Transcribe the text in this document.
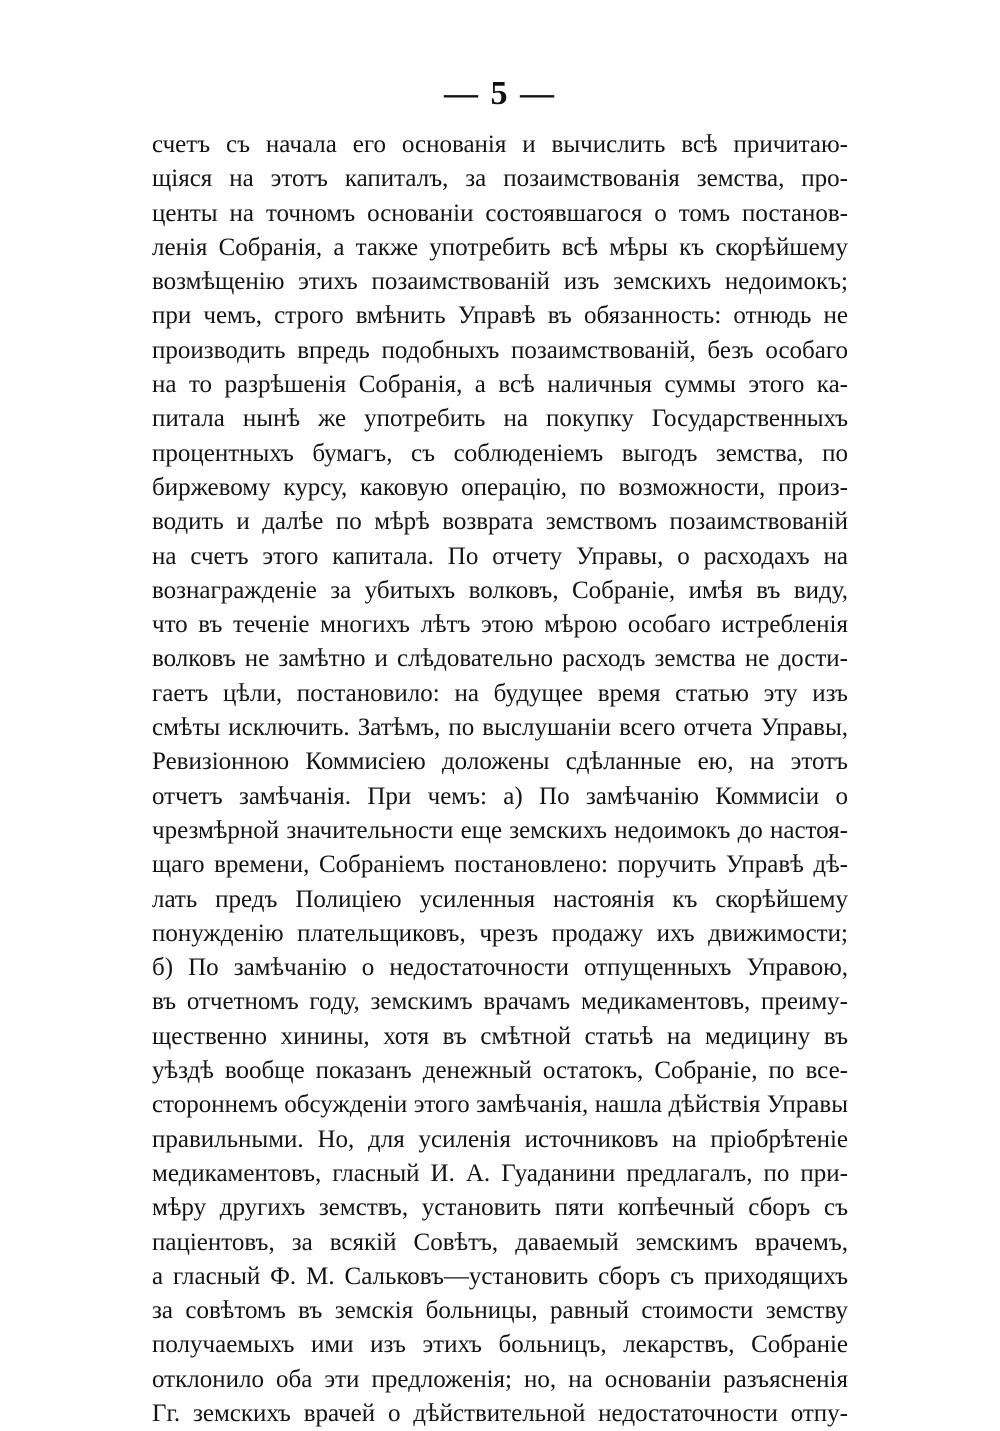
— 5 —
счетъ съ начала его основанія и вычислить всѣ причитаю-
щіяся на этотъ капиталъ, за позаимствованія земства, про-
центы на точномъ основаніи состоявшагося о томъ постанов-
ленія Собранія, а также употребить всѣ мѣры къ скорѣйшему
возмѣщенію этихъ позаимствованій изъ земскихъ недоимокъ;
при чемъ, строго вмѣнить Управѣ въ обязанность: отнюдь не
производить впредь подобныхъ позаимствованій, безъ особаго
на то разрѣшенія Собранія, а всѣ наличныя суммы этого ка-
питала нынѣ же употребить на покупку Государственныхъ
процентныхъ бумагъ, съ соблюденіемъ выгодъ земства, по
биржевому курсу, каковую операцію, по возможности, произ-
водить и далѣе по мѣрѣ возврата земствомъ позаимствованій
на счетъ этого капитала. По отчету Управы, о расходахъ на
вознагражденіе за убитыхъ волковъ, Собраніе, имѣя въ виду,
что въ теченіе многихъ лѣтъ этою мѣрою особаго истребленія
волковъ не замѣтно и слѣдовательно расходъ земства не дости-
гаетъ цѣли, постановило: на будущее время статью эту изъ
смѣты исключить. Затѣмъ, по выслушаніи всего отчета Управы,
Ревизіонною Коммисіею доложены сдѣланные ею, на этотъ
отчетъ замѣчанія. При чемъ: а) По замѣчанію Коммисіи о
чрезмѣрной значительности еще земскихъ недоимокъ до настоя-
щаго времени, Собраніемъ постановлено: поручить Управѣ дѣ-
лать предъ Полиціею усиленныя настоянія къ скорѣйшему
понужденію плательщиковъ, чрезъ продажу ихъ движимости;
б) По замѣчанію о недостаточности отпущенныхъ Управою,
въ отчетномъ году, земскимъ врачамъ медикаментовъ, преиму-
щественно хинины, хотя въ смѣтной статьѣ на медицину въ
уѣздѣ вообще показанъ денежный остатокъ, Собраніе, по все-
стороннемъ обсужденіи этого замѣчанія, нашла дѣйствія Управы
правильными. Но, для усиленія источниковъ на пріобрѣтеніе
медикаментовъ, гласный И. А. Гуаданини предлагалъ, по при-
мѣру другихъ земствъ, установить пяти копѣечный сборъ съ
паціентовъ, за всякій Совѣтъ, даваемый земскимъ врачемъ,
а гласный Ф. М. Сальковъ—установить сборъ съ приходящихъ
за совѣтомъ въ земскія больницы, равный стоимости земству
получаемыхъ ими изъ этихъ больницъ, лекарствъ, Собраніе
отклонило оба эти предложенія; но, на основаніи разъясненія
Гг. земскихъ врачей о дѣйствительной недостаточности отпу-
